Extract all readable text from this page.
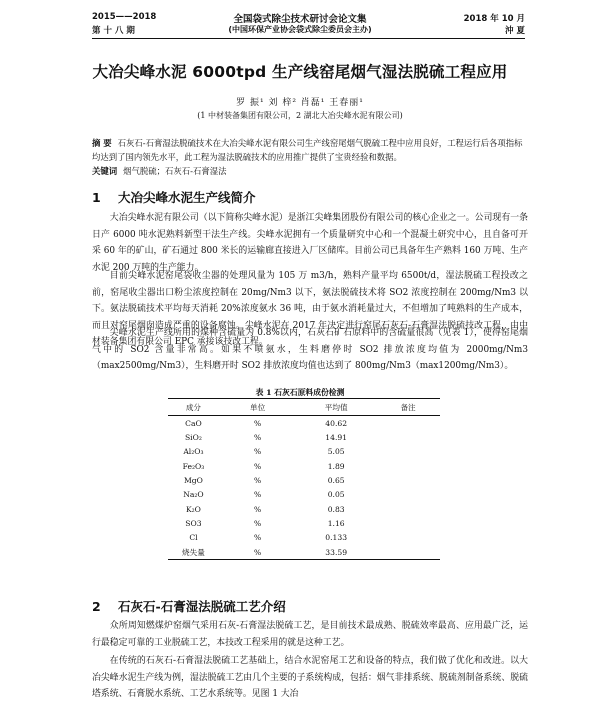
2015——2018
第 十 八 期
全国袋式除尘技术研讨会论文集
(中国环保产业协会袋式除尘委员会主办)
2018 年 10 月
沖 夏
大冶尖峰水泥 6000tpd 生产线窑尾烟气湿法脱硫工程应用
罗 振¹ 刘 梓² 肖磊¹ 王春丽¹
(1 中材装备集团有限公司，2 湖北大冶尖峰水泥有限公司)
摘 要 石灰石-石膏湿法脱硫技术在大冶尖峰水泥有限公司生产线窑尾烟气脱硫工程中应用良好，工程运行后各项指标均达到了国内领先水平，此工程为湿法脱硫技术的应用推广提供了宝贵经验和数据。
关键词 烟气脱硫；石灰石-石膏湿法
1 大冶尖峰水泥生产线简介
大冶尖峰水泥有限公司（以下简称尖峰水泥）是浙江尖峰集团股份有限公司的核心企业之一。公司现有一条日产 6000 吨水泥熟料新型干法生产线。尖峰水泥拥有一个质量研究中心和一个混凝土研究中心，且自备可开采 60 年的矿山，矿石通过 800 米长的运输廊直接进入厂区储库。目前公司已具备年生产熟料 160 万吨、生产水泥 200 万吨的生产能力。
目前尖峰水泥窑尾袋收尘器的处理风量为 105 万 m3/h，熟料产量平均 6500t/d，湿法脱硫工程投改之前，窑尾收尘器出口粉尘浓度控制在 20mg/Nm3 以下，氨法脱硫技术将 SO2 浓度控制在 200mg/Nm3 以下。氨法脱硫技术平均每天消耗 20%浓度氨水 36 吨，由于氨水消耗量过大，不但增加了吨熟料的生产成本，而且对窑尾烟囱造成严重的设备腐蚀。尖峰水泥在 2017 年决定进行窑尾石灰石-石膏湿法脱硫技改工程，由中材装备集团有限公司 EPC 承接该技改工程。
尖峰水泥生产线所用的煤种含硫量为 0.8%以内，石灰石矿石原料中的含硫量很高（见表 1），使得窑尾烟气中的 SO2 含量非常高。如果不喷氨水，生料磨停时 SO2 排放浓度均值为 2000mg/Nm3（max2500mg/Nm3），生料磨开时 SO2 排放浓度均值也达到了 800mg/Nm3（max1200mg/Nm3）。
表 1 石灰石原料成份检测
成分	单位	平均值	备注
CaO	%	40.62	
SiO₂	%	14.91	
Al₂O₃	%	5.05	
Fe₂O₃	%	1.89	
MgO	%	0.65	
Na₂O	%	0.05	
K₂O	%	0.83	
SO3	%	1.16	
Cl	%	0.133	
烧失量	%	33.59	
2 石灰石-石膏湿法脱硫工艺介绍
众所周知燃煤炉窑烟气采用石灰-石膏湿法脱硫工艺，是目前技术最成熟、脱硫效率最高、应用最广泛，运行最稳定可靠的工业脱硫工艺，本技改工程采用的就是这种工艺。
在传统的石灰石-石膏湿法脱硫工艺基础上，结合水泥窑尾工艺和设备的特点，我们做了优化和改进。以大冶尖峰水泥生产线为例，湿法脱硫工艺由几个主要的子系统构成，包括：烟气非排系统、脱硫剂制备系统、脱硫塔系统、石膏脱水系统、工艺水系统等。见图 1 大冶
